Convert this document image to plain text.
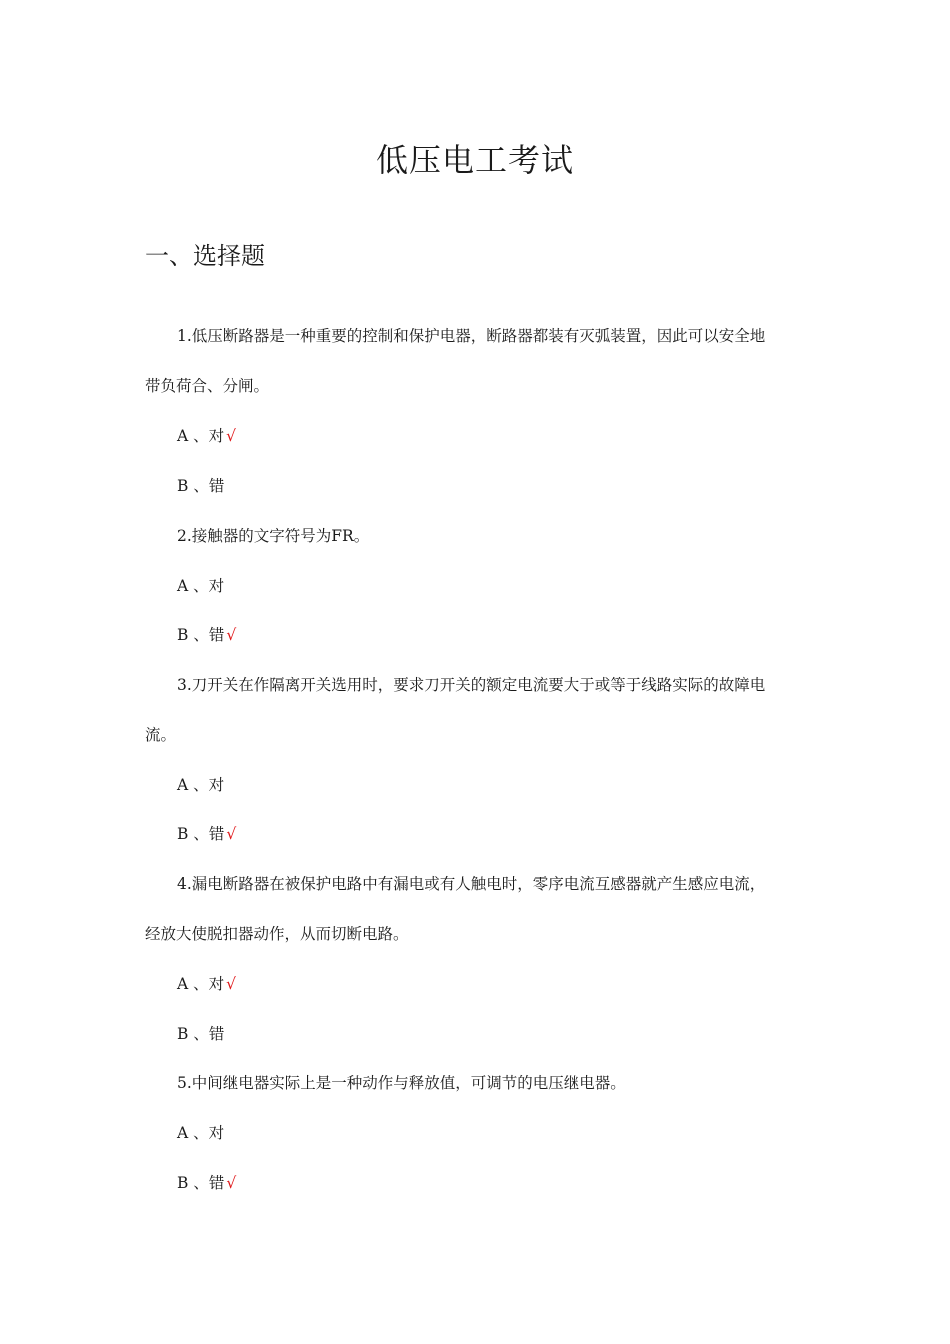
低压电工考试
一、选择题
1.低压断路器是一种重要的控制和保护电器，断路器都装有灭弧装置，因此可以安全地
带负荷合、分闸。
A 、对 √
B 、错
2.接触器的文字符号为FR。
A 、对
B 、错 √
3.刀开关在作隔离开关选用时，要求刀开关的额定电流要大于或等于线路实际的故障电
流。
A 、对
B 、错 √
4.漏电断路器在被保护电路中有漏电或有人触电时，零序电流互感器就产生感应电流，
经放大使脱扣器动作，从而切断电路。
A 、对 √
B 、错
5.中间继电器实际上是一种动作与释放值，可调节的电压继电器。
A 、对
B 、错 √
